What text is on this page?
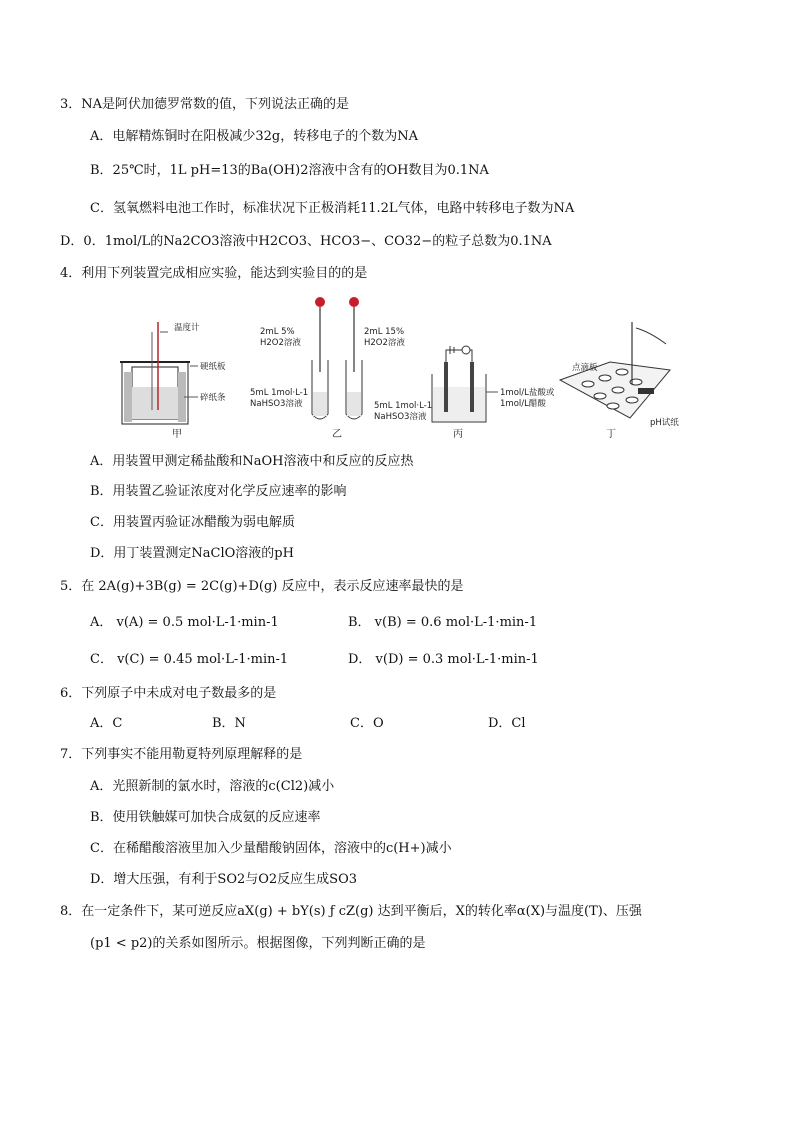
3．NA是阿伏加德罗常数的值，下列说法正确的是
A．电解精炼铜时在阳极减少32g，转移电子的个数为NA
B．25℃时，1L pH=13的Ba(OH)2溶液中含有的OH数目为0.1NA
C．氢氧燃料电池工作时，标准状况下正极消耗11.2L气体，电路中转移电子数为NA
D．0．1mol/L的Na2CO3溶液中H2CO3、HCO3−、CO32−的粒子总数为0.1NA
4．利用下列装置完成相应实验，能达到实验目的的是
温度计
硬纸板
碎纸条
甲
2mL 5%
H2O2溶液
2mL 15%
H2O2溶液
5mL 1mol·L-1
NaHSO3溶液	5mL 1mol·L-1
NaHSO3溶液
乙
1mol/L盐酸或
1mol/L醋酸
丙
点滴板
pH试纸
丁
A．用装置甲测定稀盐酸和NaOH溶液中和反应的反应热
B．用装置乙验证浓度对化学反应速率的影响
C．用装置丙验证冰醋酸为弱电解质
D．用丁装置测定NaClO溶液的pH
5．在 2A(g)+3B(g) = 2C(g)+D(g) 反应中，表示反应速率最快的是
A． v(A) = 0.5 mol·L-1·min-1	B． v(B) = 0.6 mol·L-1·min-1
C． v(C) = 0.45 mol·L-1·min-1	D． v(D) = 0.3 mol·L-1·min-1
6．下列原子中未成对电子数最多的是
A．C	B．N	C．O	D．Cl
7．下列事实不能用勒夏特列原理解释的是
A．光照新制的氯水时，溶液的c(Cl2)减小
B．使用铁触媒可加快合成氨的反应速率
C．在稀醋酸溶液里加入少量醋酸钠固体，溶液中的c(H+)减小
D．增大压强，有利于SO2与O2反应生成SO3
8．在一定条件下，某可逆反应aX(g) + bY(s) ƒ cZ(g) 达到平衡后，X的转化率α(X)与温度(T)、压强
(p1 < p2)的关系如图所示。根据图像，下列判断正确的是
